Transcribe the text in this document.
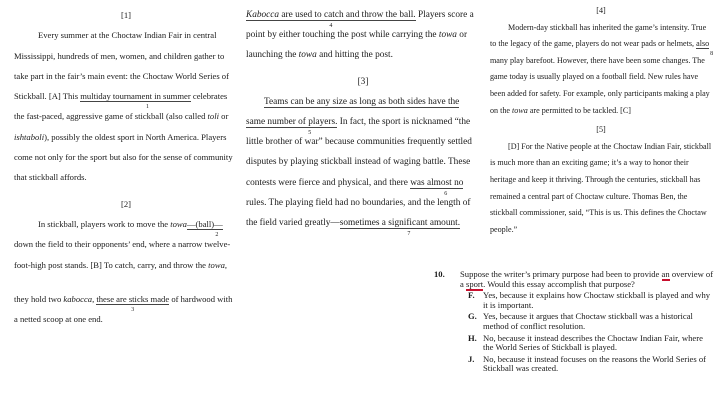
[1]

Every summer at the Choctaw Indian Fair in central Mississippi, hundreds of men, women, and children gather to take part in the fair’s main event: the Choctaw World Series of Stickball. [A] This multiday tournament in summer
1
celebrates the fast-paced, aggressive game of stickball (also called toli or ishtaboli), possibly the oldest sport in North America. Players come not only for the sport but also for the sense of community that stickball affords.

[2]

In stickball, players work to move the towa—(ball)—
2
down the field to their opponents’ end, where a narrow twelve-foot-high post stands. [B] To catch, carry, and throw the towa,

they hold two kabocca, these are sticks made
3
of hardwood with a netted scoop at one end.

Kabocca are used to catch and throw the ball.
4
Players score a point by either touching the post while carrying the towa or launching the towa and hitting the post.

[3]

Teams can be any size as long as both sides have the same number of players.
5
In fact, the sport is nicknamed “the little brother of war” because communities frequently settled disputes by playing stickball instead of waging battle. These contests were fierce and physical, and there was almost no
6
rules. The playing field had no boundaries, and the length of the field varied greatly—sometimes a significant amount.
7

[4]

Modern-day stickball has inherited the game’s intensity. True to the legacy of the game, players do not wear pads or helmets, also
8
many play barefoot. However, there have been some changes. The game today is usually played on a football field. New rules have been added for safety. For example, only participants making a play on the towa are permitted to be tackled. [C]

[5]

[D] For the Native people at the Choctaw Indian Fair, stickball is much more than an exciting game; it’s a way to honor their heritage and keep it thriving. Through the centuries, stickball has remained a central part of Choctaw culture. Thomas Ben, the stickball commissioner, said, “This is us. This defines the Choctaw people.”

10. Suppose the writer’s primary purpose had been to provide an overview of a sport. Would this essay accomplish that purpose?
F. Yes, because it explains how Choctaw stickball is played and why it is important.
G. Yes, because it argues that Choctaw stickball was a historical method of conflict resolution.
H. No, because it instead describes the Choctaw Indian Fair, where the World Series of Stickball is played.
J. No, because it instead focuses on the reasons the World Series of Stickball was created.
